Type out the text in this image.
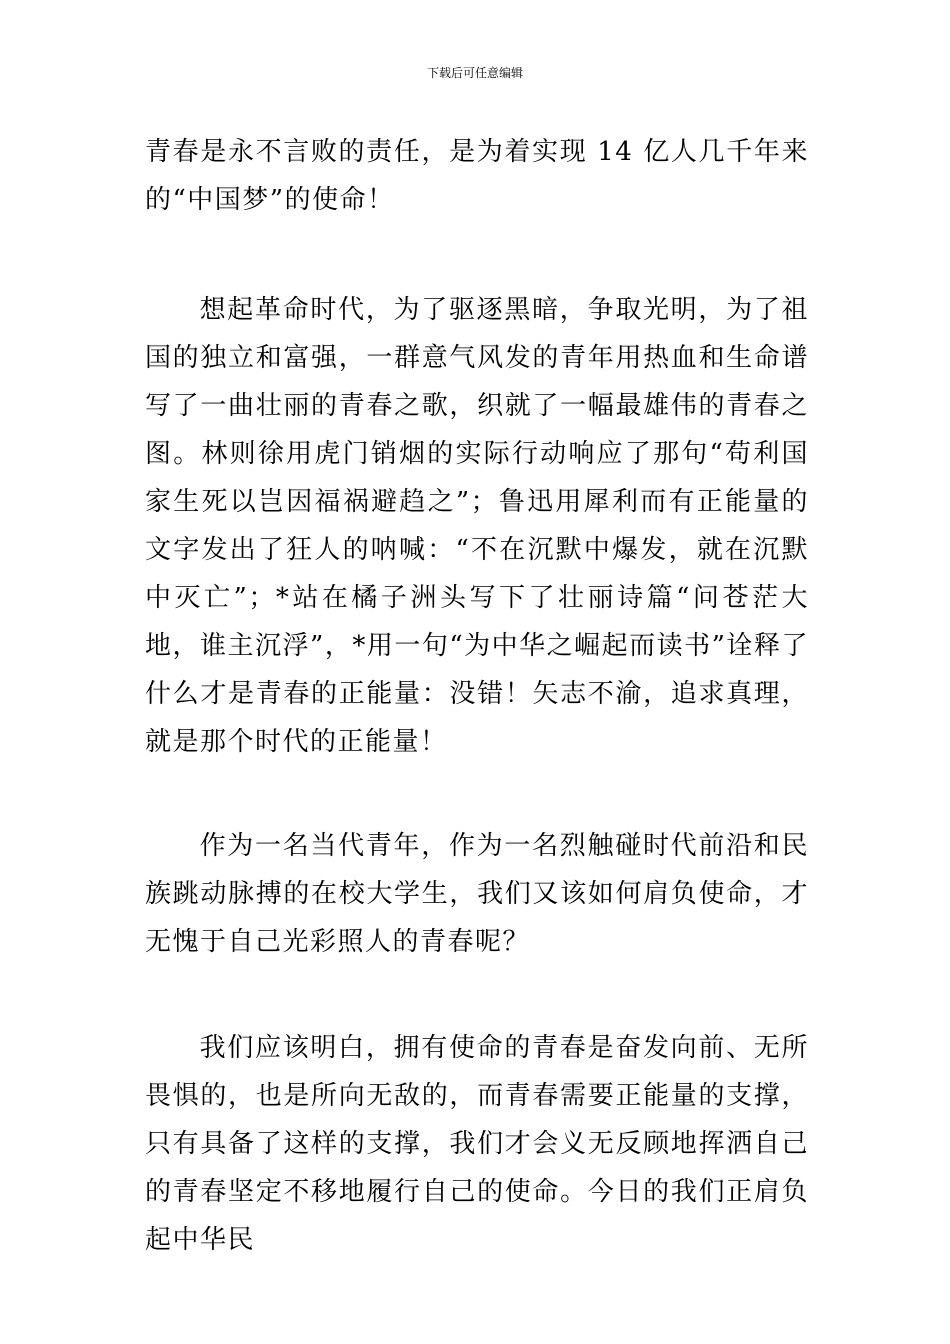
下载后可任意编辑

青春是永不言败的责任，是为着实现 14 亿人几千年来的“中国梦”的使命！

想起革命时代，为了驱逐黑暗，争取光明，为了祖国的独立和富强，一群意气风发的青年用热血和生命谱写了一曲壮丽的青春之歌，织就了一幅最雄伟的青春之图。林则徐用虎门销烟的实际行动响应了那句“苟利国家生死以岂因福祸避趋之”；鲁迅用犀利而有正能量的文字发出了狂人的呐喊：“不在沉默中爆发，就在沉默中灭亡”；*站在橘子洲头写下了壮丽诗篇“问苍茫大地，谁主沉浮”，*用一句“为中华之崛起而读书”诠释了什么才是青春的正能量：没错！矢志不渝，追求真理，就是那个时代的正能量！

作为一名当代青年，作为一名烈触碰时代前沿和民族跳动脉搏的在校大学生，我们又该如何肩负使命，才无愧于自己光彩照人的青春呢？

我们应该明白，拥有使命的青春是奋发向前、无所畏惧的，也是所向无敌的，而青春需要正能量的支撑，只有具备了这样的支撑，我们才会义无反顾地挥洒自己的青春坚定不移地履行自己的使命。今日的我们正肩负起中华民
